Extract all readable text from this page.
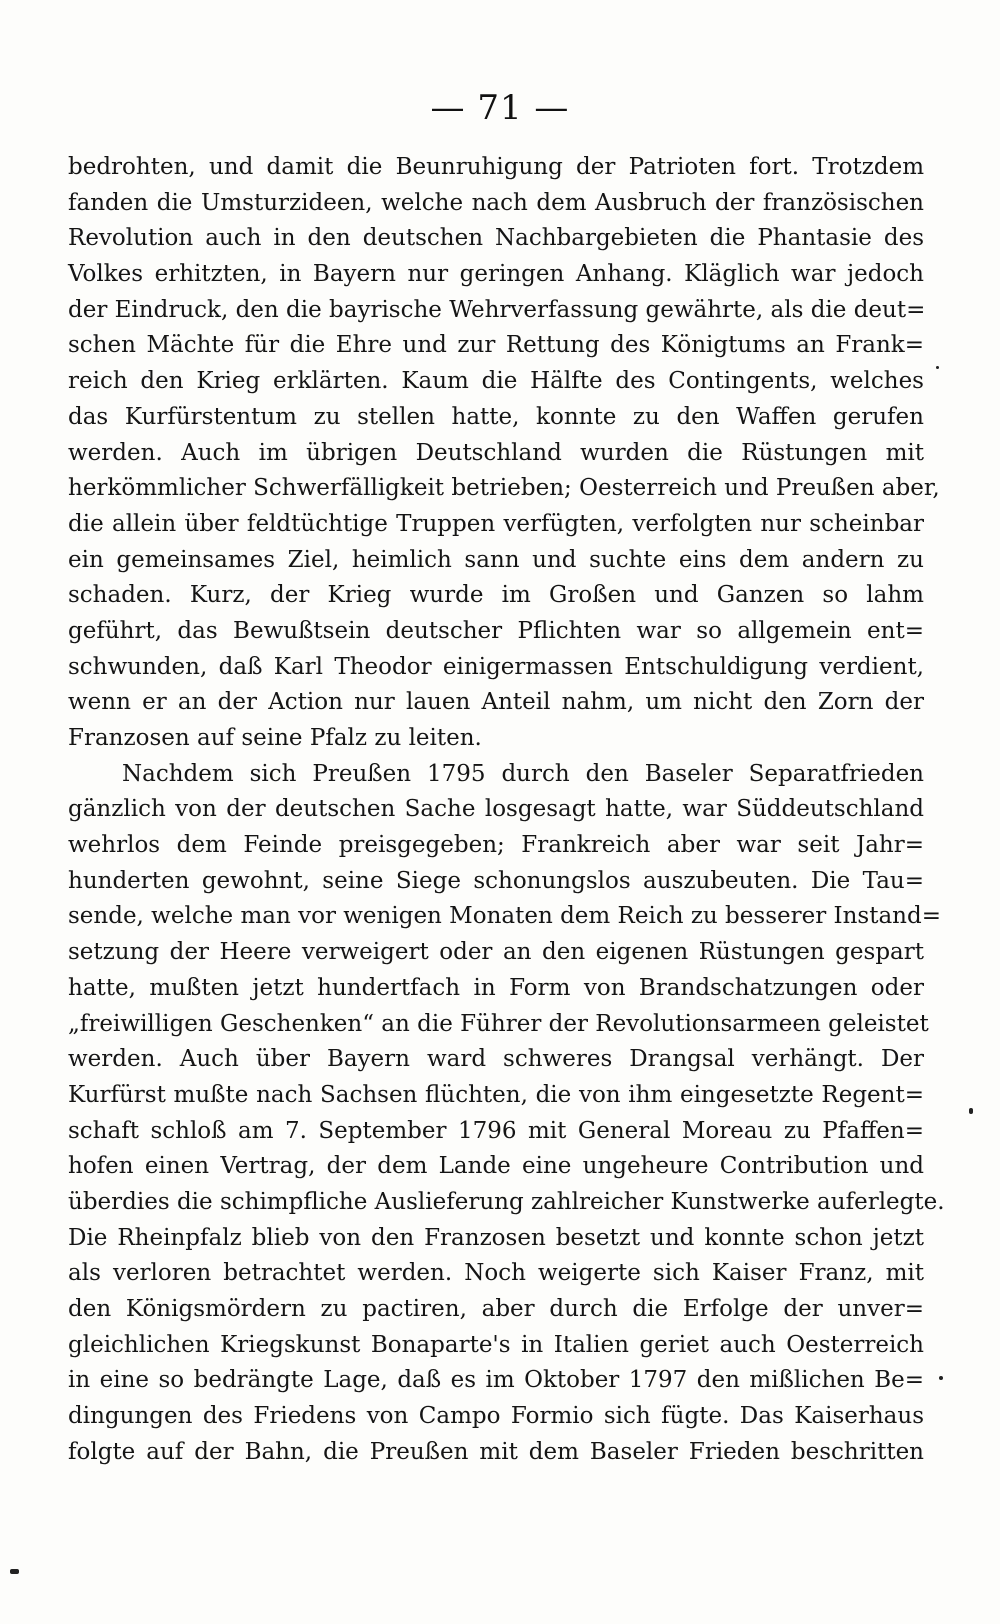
— 71 —
bedrohten, und damit die Beunruhigung der Patrioten fort. Trotzdem
fanden die Umsturzideen, welche nach dem Ausbruch der französischen
Revolution auch in den deutschen Nachbargebieten die Phantasie des
Volkes erhitzten, in Bayern nur geringen Anhang. Kläglich war jedoch
der Eindruck, den die bayrische Wehrverfassung gewährte, als die deut=
schen Mächte für die Ehre und zur Rettung des Königtums an Frank=
reich den Krieg erklärten. Kaum die Hälfte des Contingents, welches
das Kurfürstentum zu stellen hatte, konnte zu den Waffen gerufen
werden. Auch im übrigen Deutschland wurden die Rüstungen mit
herkömmlicher Schwerfälligkeit betrieben; Oesterreich und Preußen aber,
die allein über feldtüchtige Truppen verfügten, verfolgten nur scheinbar
ein gemeinsames Ziel, heimlich sann und suchte eins dem andern zu
schaden. Kurz, der Krieg wurde im Großen und Ganzen so lahm
geführt, das Bewußtsein deutscher Pflichten war so allgemein ent=
schwunden, daß Karl Theodor einigermassen Entschuldigung verdient,
wenn er an der Action nur lauen Anteil nahm, um nicht den Zorn der
Franzosen auf seine Pfalz zu leiten.
Nachdem sich Preußen 1795 durch den Baseler Separatfrieden
gänzlich von der deutschen Sache losgesagt hatte, war Süddeutschland
wehrlos dem Feinde preisgegeben; Frankreich aber war seit Jahr=
hunderten gewohnt, seine Siege schonungslos auszubeuten. Die Tau=
sende, welche man vor wenigen Monaten dem Reich zu besserer Instand=
setzung der Heere verweigert oder an den eigenen Rüstungen gespart
hatte, mußten jetzt hundertfach in Form von Brandschatzungen oder
„freiwilligen Geschenken“ an die Führer der Revolutionsarmeen geleistet
werden. Auch über Bayern ward schweres Drangsal verhängt. Der
Kurfürst mußte nach Sachsen flüchten, die von ihm eingesetzte Regent=
schaft schloß am 7. September 1796 mit General Moreau zu Pfaffen=
hofen einen Vertrag, der dem Lande eine ungeheure Contribution und
überdies die schimpfliche Auslieferung zahlreicher Kunstwerke auferlegte.
Die Rheinpfalz blieb von den Franzosen besetzt und konnte schon jetzt
als verloren betrachtet werden. Noch weigerte sich Kaiser Franz, mit
den Königsmördern zu pactiren, aber durch die Erfolge der unver=
gleichlichen Kriegskunst Bonaparte's in Italien geriet auch Oesterreich
in eine so bedrängte Lage, daß es im Oktober 1797 den mißlichen Be=
dingungen des Friedens von Campo Formio sich fügte. Das Kaiserhaus
folgte auf der Bahn, die Preußen mit dem Baseler Frieden beschritten
